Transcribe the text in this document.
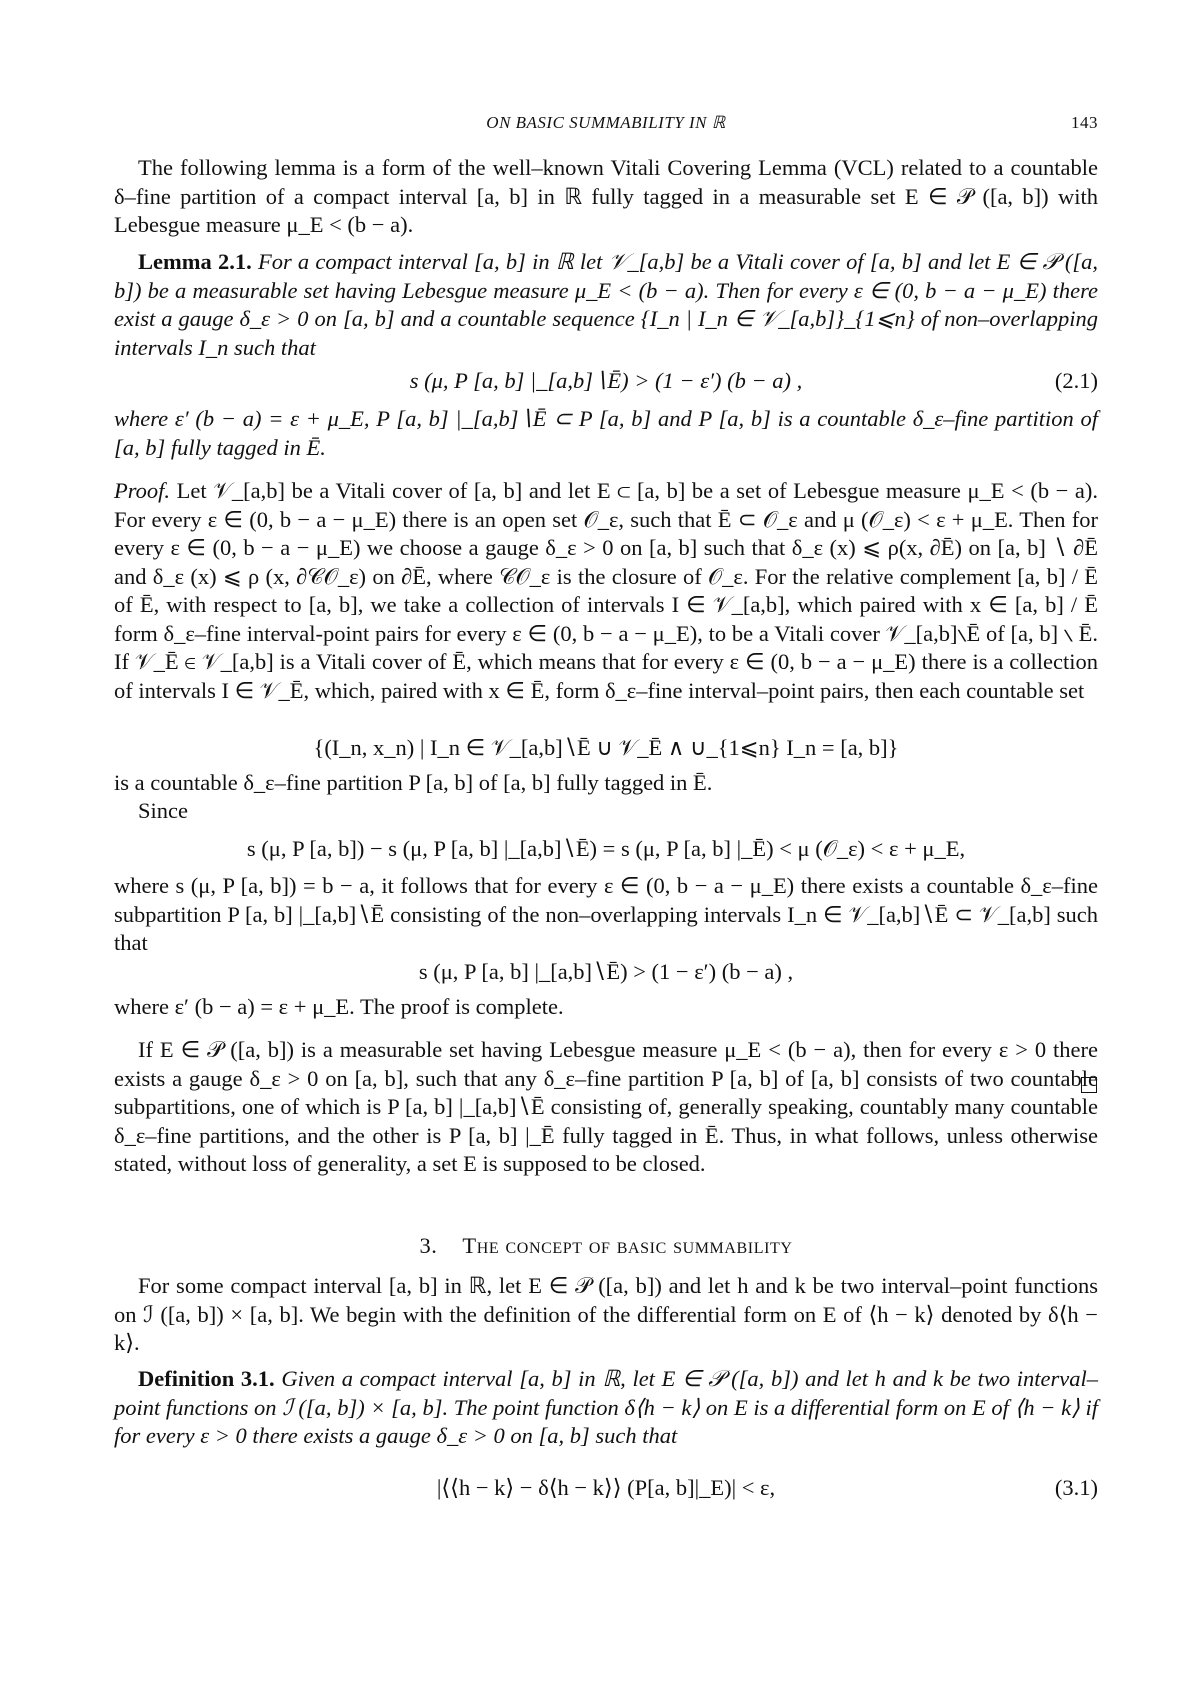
ON BASIC SUMMABILITY IN ℝ	143

The following lemma is a form of the well–known Vitali Covering Lemma (VCL) related to a countable δ–fine partition of a compact interval [a, b] in ℝ fully tagged in a measurable set E ∈ 𝒫 ([a, b]) with Lebesgue measure μ_E < (b − a).

Lemma 2.1. For a compact interval [a, b] in ℝ let 𝒱_[a,b] be a Vitali cover of [a, b] and let E ∈ 𝒫 ([a, b]) be a measurable set having Lebesgue measure μ_E < (b − a). Then for every ε ∈ (0, b − a − μ_E) there exist a gauge δ_ε > 0 on [a, b] and a countable sequence {I_n | I_n ∈ 𝒱_[a,b]}_{1⩽n} of non–overlapping intervals I_n such that

s (μ, P [a, b] |_[a,b]∖Ē) > (1 − ε′) (b − a) ,	(2.1)

where ε′ (b − a) = ε + μ_E, P [a, b] |_[a,b]∖Ē ⊂ P [a, b] and P [a, b] is a countable δ_ε–fine partition of [a, b] fully tagged in Ē.

Proof. Let 𝒱_[a,b] be a Vitali cover of [a, b] and let E ⊂ [a, b] be a set of Lebesgue measure μ_E < (b − a). For every ε ∈ (0, b − a − μ_E) there is an open set 𝒪_ε, such that Ē ⊂ 𝒪_ε and μ (𝒪_ε) < ε + μ_E. Then for every ε ∈ (0, b − a − μ_E) we choose a gauge δ_ε > 0 on [a, b] such that δ_ε (x) ⩽ ρ(x, ∂Ē) on [a, b] ∖ ∂Ē and δ_ε (x) ⩽ ρ (x, ∂𝒞𝒪_ε) on ∂Ē, where 𝒞𝒪_ε is the closure of 𝒪_ε. For the relative complement [a, b] / Ē of Ē, with respect to [a, b], we take a collection of intervals I ∈ 𝒱_[a,b], which paired with x ∈ [a, b] / Ē form δ_ε–fine interval-point pairs for every ε ∈ (0, b − a − μ_E), to be a Vitali cover 𝒱_[a,b]∖Ē of [a, b] ∖ Ē. If 𝒱_Ē ∈ 𝒱_[a,b] is a Vitali cover of Ē, which means that for every ε ∈ (0, b − a − μ_E) there is a collection of intervals I ∈ 𝒱_Ē, which, paired with x ∈ Ē, form δ_ε–fine interval–point pairs, then each countable set

{(I_n, x_n) | I_n ∈ 𝒱_[a,b]∖Ē ∪ 𝒱_Ē ∧ ∪_{1⩽n} I_n = [a, b]}

is a countable δ_ε–fine partition P [a, b] of [a, b] fully tagged in Ē.

Since

s (μ, P [a, b]) − s (μ, P [a, b] |_[a,b]∖Ē) = s (μ, P [a, b] |_Ē) < μ (𝒪_ε) < ε + μ_E,

where s (μ, P [a, b]) = b − a, it follows that for every ε ∈ (0, b − a − μ_E) there exists a countable δ_ε–fine subpartition P [a, b] |_[a,b]∖Ē consisting of the non–overlapping intervals I_n ∈ 𝒱_[a,b]∖Ē ⊂ 𝒱_[a,b] such that

s (μ, P [a, b] |_[a,b]∖Ē) > (1 − ε′) (b − a) ,

where ε′ (b − a) = ε + μ_E. The proof is complete.

If E ∈ 𝒫 ([a, b]) is a measurable set having Lebesgue measure μ_E < (b − a), then for every ε > 0 there exists a gauge δ_ε > 0 on [a, b], such that any δ_ε–fine partition P [a, b] of [a, b] consists of two countable subpartitions, one of which is P [a, b] |_[a,b]∖Ē consisting of, generally speaking, countably many countable δ_ε–fine partitions, and the other is P [a, b] |_Ē fully tagged in Ē. Thus, in what follows, unless otherwise stated, without loss of generality, a set E is supposed to be closed.

3. The concept of basic summability

For some compact interval [a, b] in ℝ, let E ∈ 𝒫 ([a, b]) and let h and k be two interval–point functions on ℐ ([a, b]) × [a, b]. We begin with the definition of the differential form on E of ⟨h − k⟩ denoted by δ⟨h − k⟩.

Definition 3.1. Given a compact interval [a, b] in ℝ, let E ∈ 𝒫 ([a, b]) and let h and k be two interval–point functions on ℐ ([a, b]) × [a, b]. The point function δ⟨h − k⟩ on E is a differential form on E of ⟨h − k⟩ if for every ε > 0 there exists a gauge δ_ε > 0 on [a, b] such that

|⟨⟨h − k⟩ − δ⟨h − k⟩⟩ (P[a, b]|_E)| < ε,	(3.1)
